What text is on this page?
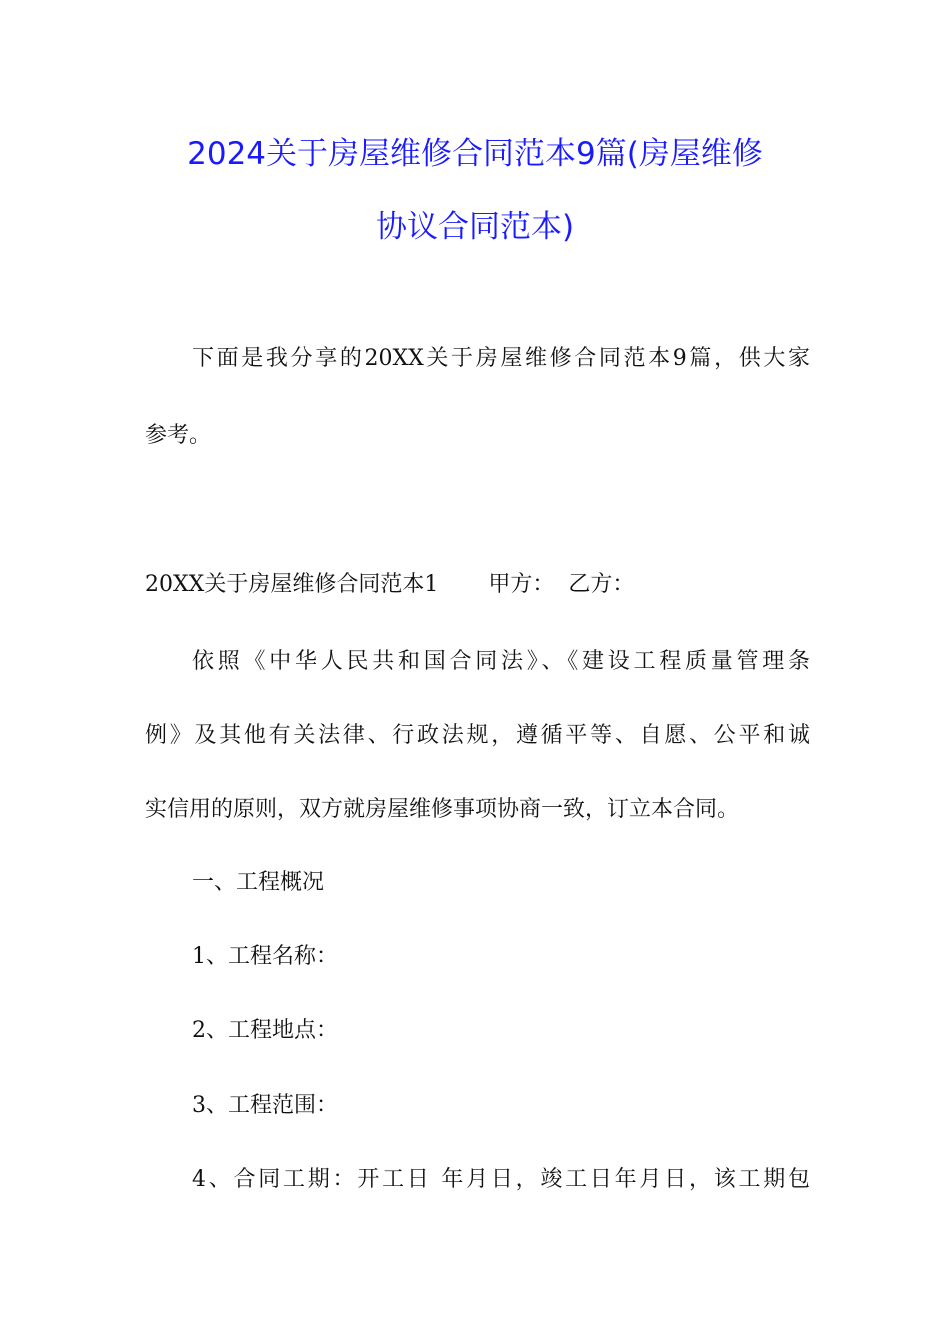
2024关于房屋维修合同范本9篇(房屋维修
协议合同范本)
下面是我分享的20XX关于房屋维修合同范本9篇，供大家
参考。
20XX关于房屋维修合同范本1 甲方： 乙方：
依照《中华人民共和国合同法》、《建设工程质量管理条
例》及其他有关法律、行政法规，遵循平等、自愿、公平和诚
实信用的原则，双方就房屋维修事项协商一致，订立本合同。
一、工程概况
1、工程名称：
2、工程地点：
3、工程范围：
4、合同工期：开工日 年月日，竣工日年月日，该工期包
